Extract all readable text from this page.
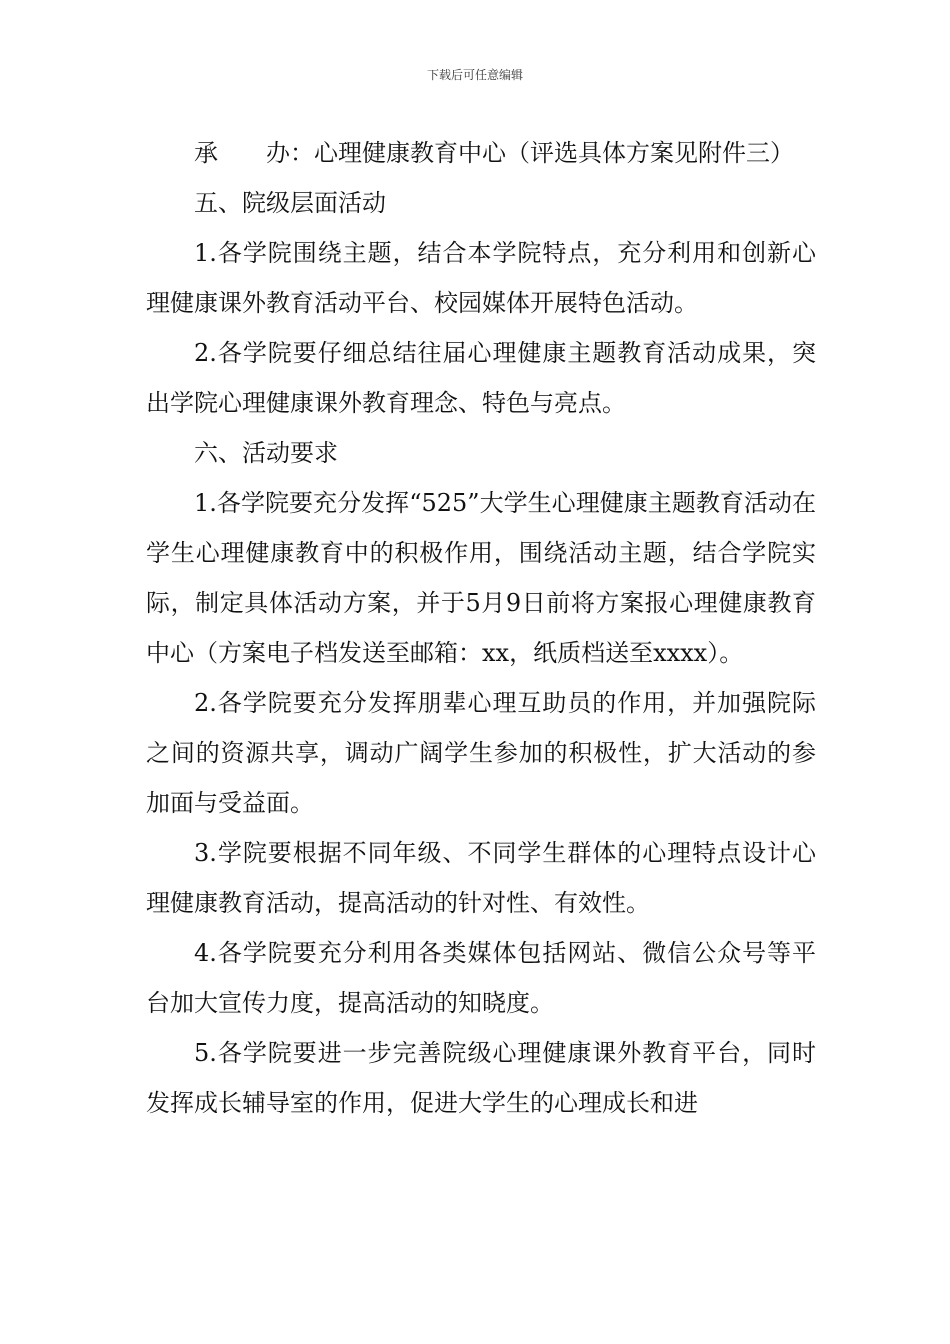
下载后可任意编辑

承　　办：心理健康教育中心（评选具体方案见附件三）

五、院级层面活动

1.各学院围绕主题，结合本学院特点，充分利用和创新心理健康课外教育活动平台、校园媒体开展特色活动。

2.各学院要仔细总结往届心理健康主题教育活动成果，突出学院心理健康课外教育理念、特色与亮点。

六、活动要求

1.各学院要充分发挥“525”大学生心理健康主题教育活动在学生心理健康教育中的积极作用，围绕活动主题，结合学院实际，制定具体活动方案，并于5月9日前将方案报心理健康教育中心（方案电子档发送至邮箱：xx，纸质档送至xxxx）。

2.各学院要充分发挥朋辈心理互助员的作用，并加强院际之间的资源共享，调动广阔学生参加的积极性，扩大活动的参加面与受益面。

3.学院要根据不同年级、不同学生群体的心理特点设计心理健康教育活动，提高活动的针对性、有效性。

4.各学院要充分利用各类媒体包括网站、微信公众号等平台加大宣传力度，提高活动的知晓度。

5.各学院要进一步完善院级心理健康课外教育平台，同时发挥成长辅导室的作用，促进大学生的心理成长和进
